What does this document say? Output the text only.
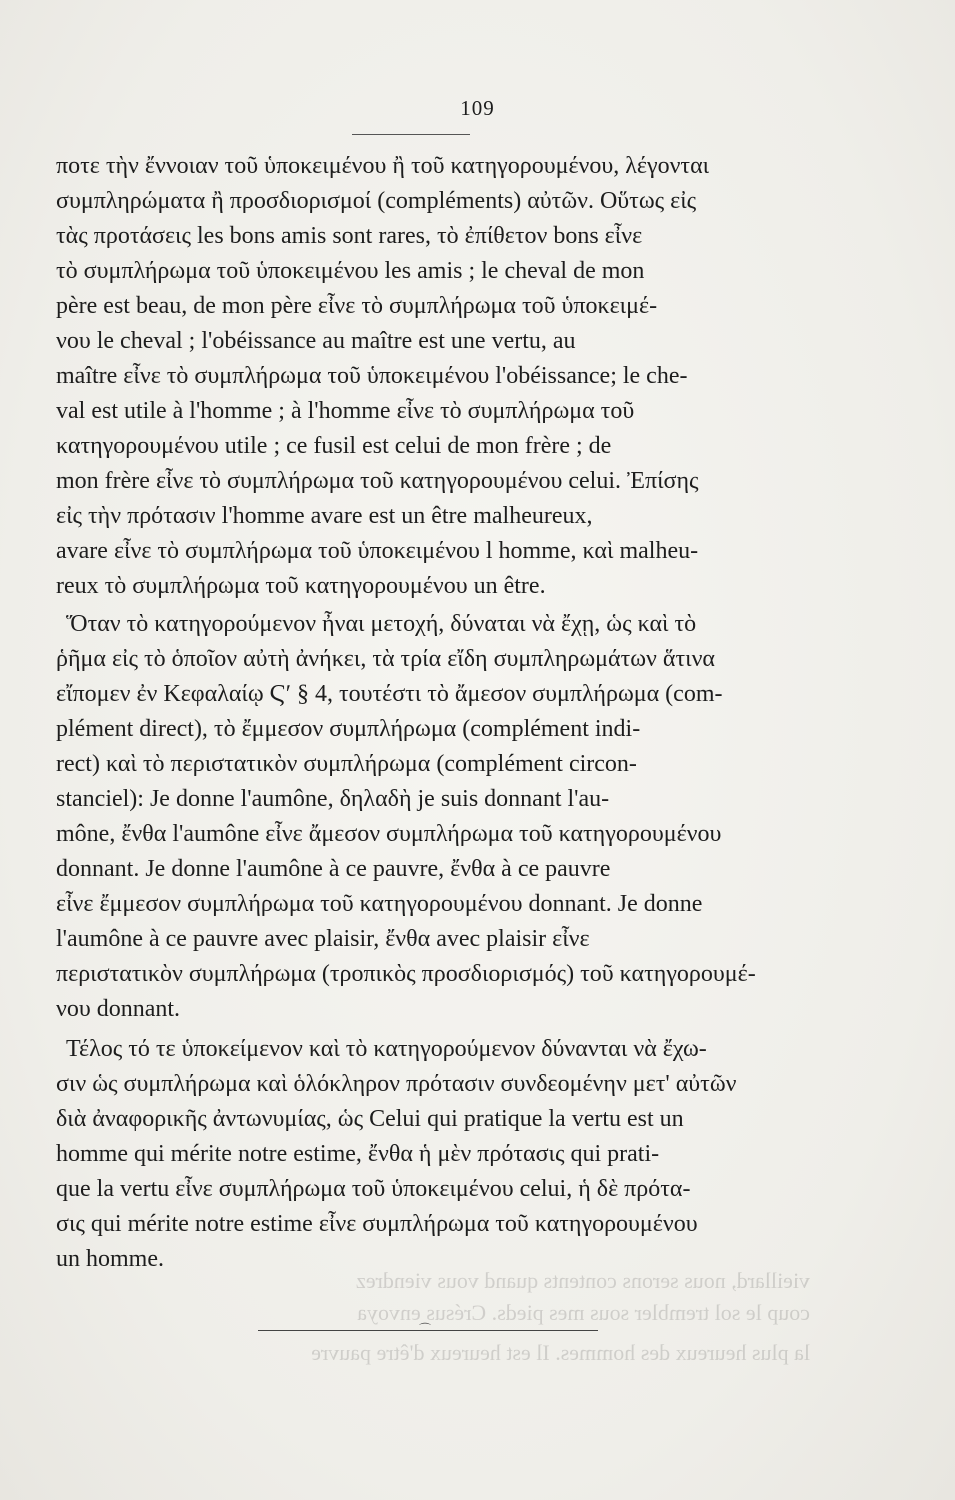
109
ποτε τὴν ἔννοιαν τοῦ ὑποκειμένου ἢ τοῦ κατηγορουμένου, λέγονται
συμπληρώματα ἢ προσδιορισμοί (compléments) αὐτῶν. Οὕτως εἰς
τὰς προτάσεις les bons amis sont rares, τὸ ἐπίθετον bons εἶνε
τὸ συμπλήρωμα τοῦ ὑποκειμένου les amis ; le cheval de mon
père est beau, de mon père εἶνε τὸ συμπλήρωμα τοῦ ὑποκειμέ-
νου le cheval ; l'obéissance au maître est une vertu, au
maître εἶνε τὸ συμπλήρωμα τοῦ ὑποκειμένου l'obéissance; le che-
val est utile à l'homme ; à l'homme εἶνε τὸ συμπλήρωμα τοῦ
κατηγορουμένου utile ; ce fusil est celui de mon frère ; de
mon frère εἶνε τὸ συμπλήρωμα τοῦ κατηγορουμένου celui. Ἐπίσης
εἰς τὴν πρότασιν l'homme avare est un être malheureux,
avare εἶνε τὸ συμπλήρωμα τοῦ ὑποκειμένου l homme, καὶ malheu-
reux τὸ συμπλήρωμα τοῦ κατηγορουμένου un être.
Ὅταν τὸ κατηγορούμενον ἦναι μετοχή, δύναται νὰ ἔχῃ, ὡς καὶ τὸ
ῥῆμα εἰς τὸ ὁποῖον αὐτὴ ἀνήκει, τὰ τρία εἴδη συμπληρωμάτων ἅτινα
εἴπομεν ἐν Κεφαλαίῳ Ϛʹ § 4, τουτέστι τὸ ἄμεσον συμπλήρωμα (com-
plément direct), τὸ ἔμμεσον συμπλήρωμα (complément indi-
rect) καὶ τὸ περιστατικὸν συμπλήρωμα (complément circon-
stanciel): Je donne l'aumône, δηλαδὴ je suis donnant l'au-
mône, ἔνθα l'aumône εἶνε ἄμεσον συμπλήρωμα τοῦ κατηγορουμένου
donnant. Je donne l'aumône à ce pauvre, ἔνθα à ce pauvre
εἶνε ἔμμεσον συμπλήρωμα τοῦ κατηγορουμένου donnant. Je donne
l'aumône à ce pauvre avec plaisir, ἔνθα avec plaisir εἶνε
περιστατικὸν συμπλήρωμα (τροπικὸς προσδιορισμός) τοῦ κατηγορουμέ-
νου donnant.
Τέλος τό τε ὑποκείμενον καὶ τὸ κατηγορούμενον δύνανται νὰ ἔχω-
σιν ὡς συμπλήρωμα καὶ ὁλόκληρον πρότασιν συνδεομένην μετ' αὐτῶν
διὰ ἀναφορικῆς ἀντωνυμίας, ὡς Celui qui pratique la vertu est un
homme qui mérite notre estime, ἔνθα ἡ μὲν πρότασις qui prati-
que la vertu εἶνε συμπλήρωμα τοῦ ὑποκειμένου celui, ἡ δὲ πρότα-
σις qui mérite notre estime εἶνε συμπλήρωμα τοῦ κατηγορουμένου
un homme.
vieillard, nous serons contents quand vous viendrez
coup le sol trembler sous mes pieds. Crésus envoya
la plus heureux des hommes. Il est heureux d'être pauvre
⌒
